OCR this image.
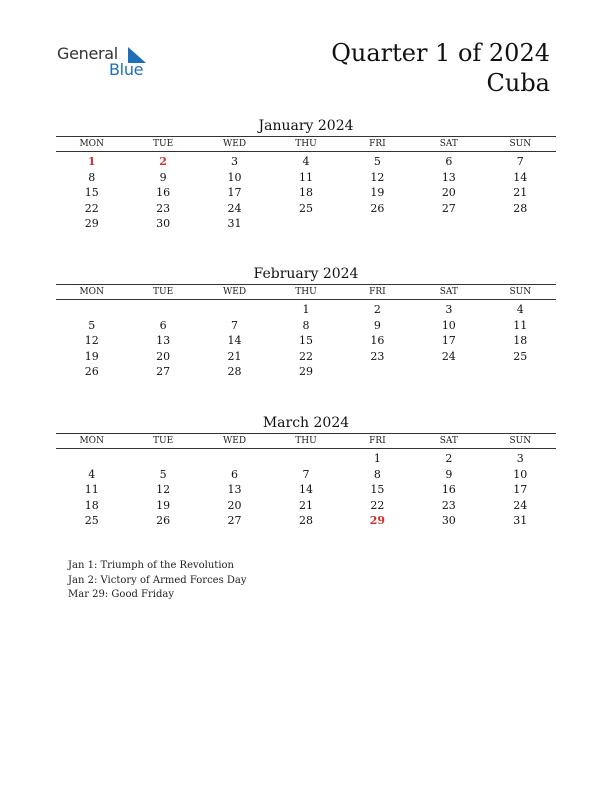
General
Blue
Quarter 1 of 2024
Cuba
January 2024
MON	TUE	WED	THU	FRI	SAT	SUN
1	2	3	4	5	6	7
8	9	10	11	12	13	14
15	16	17	18	19	20	21
22	23	24	25	26	27	28
29	30	31				
February 2024
MON	TUE	WED	THU	FRI	SAT	SUN
			1	2	3	4
5	6	7	8	9	10	11
12	13	14	15	16	17	18
19	20	21	22	23	24	25
26	27	28	29			
March 2024
MON	TUE	WED	THU	FRI	SAT	SUN
				1	2	3
4	5	6	7	8	9	10
11	12	13	14	15	16	17
18	19	20	21	22	23	24
25	26	27	28	29	30	31
Jan 1: Triumph of the Revolution
Jan 2: Victory of Armed Forces Day
Mar 29: Good Friday
